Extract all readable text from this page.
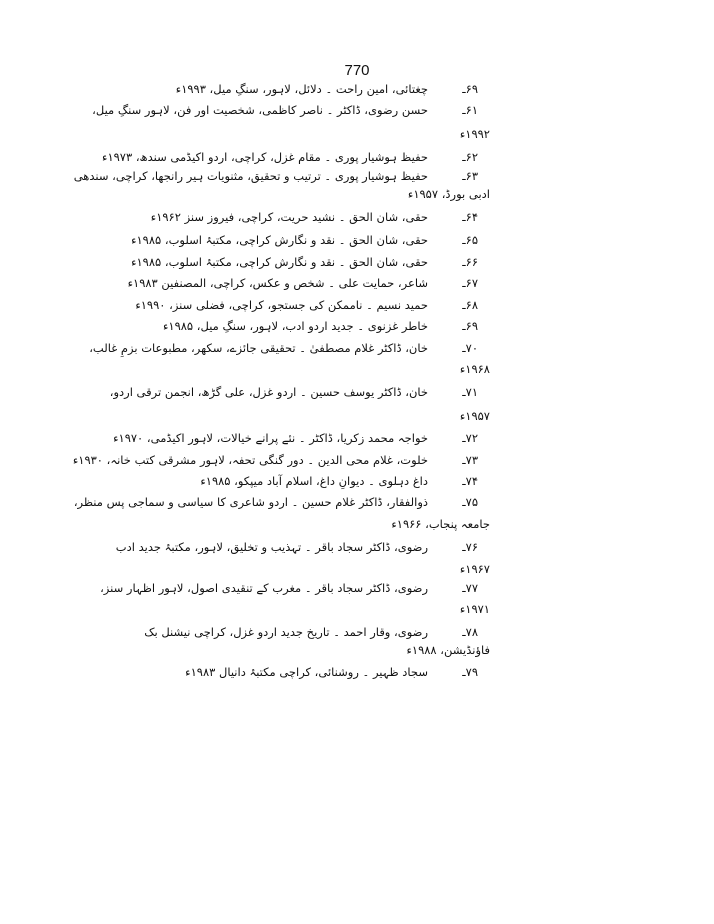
770
۶۹ـ
چغتائی، امین راحت ۔ دلائل، لاہور، سنگِ میل، ۱۹۹۳ء
۶۱ـ
حسن رضوی، ڈاکٹر ۔ ناصر کاظمی، شخصیت اور فن، لاہور سنگِ میل،
۱۹۹۲ء
۶۲ـ
حفیظ ہوشیار پوری ۔ مقام غزل، کراچی، اردو اکیڈمی سندھ، ۱۹۷۳ء
۶۳ـ
حفیظ ہوشیار پوری ۔ ترتیب و تحقیق، مثنویات ہیر رانجھا، کراچی، سندھی
ادبی بورڈ، ۱۹۵۷ء
۶۴ـ
حقی، شان الحق ۔ نشید حریت، کراچی، فیروز سنز ۱۹۶۲ء
۶۵ـ
حقی، شان الحق ۔ نقد و نگارش کراچی، مکتبۂ اسلوب، ۱۹۸۵ء
۶۶ـ
حقی، شان الحق ۔ نقد و نگارش کراچی، مکتبۂ اسلوب، ۱۹۸۵ء
۶۷ـ
شاعر، حمایت علی ۔ شخص و عکس، کراچی، المصنفین ۱۹۸۳ء
۶۸ـ
حمید نسیم ۔ ناممکن کی جستجو، کراچی، فضلی سنز، ۱۹۹۰ء
۶۹ـ
خاطر غزنوی ۔ جدید اردو ادب، لاہور، سنگِ میل، ۱۹۸۵ء
۷۰ـ
خان، ڈاکٹر غلام مصطفیٰ ۔ تحقیقی جائزے، سکھر، مطبوعات بزمِ غالب،
۱۹۶۸ء
۷۱ـ
خان، ڈاکٹر یوسف حسین ۔ اردو غزل، علی گڑھ، انجمن ترقی اردو،
۱۹۵۷ء
۷۲ـ
خواجہ محمد زکریا، ڈاکٹر ۔ نئے پرانے خیالات، لاہور اکیڈمی، ۱۹۷۰ء
۷۳ـ
خلوت، غلام محی الدین ۔ دور گنگی تحفہ، لاہور مشرقی کتب خانہ، ۱۹۳۰ء
۷۴ـ
داغ دہلوی ۔ دیوانِ داغ، اسلام آباد میپکو، ۱۹۸۵ء
۷۵ـ
ذوالفقار، ڈاکٹر غلام حسین ۔ اردو شاعری کا سیاسی و سماجی پس منظر،
جامعہ پنجاب، ۱۹۶۶ء
۷۶ـ
رضوی، ڈاکٹر سجاد باقر ۔ تہذیب و تخلیق، لاہور، مکتبۂ جدید ادب
۱۹۶۷ء
۷۷ـ
رضوی، ڈاکٹر سجاد باقر ۔ مغرب کے تنقیدی اصول، لاہور اظہار سنز،
۱۹۷۱ء
۷۸ـ
رضوی، وقار احمد ۔ تاریخ جدید اردو غزل، کراچی نیشنل بک
فاؤنڈیشن، ۱۹۸۸ء
۷۹ـ
سجاد ظہیر ۔ روشنائی، کراچی مکتبۂ دانیال ۱۹۸۳ء
